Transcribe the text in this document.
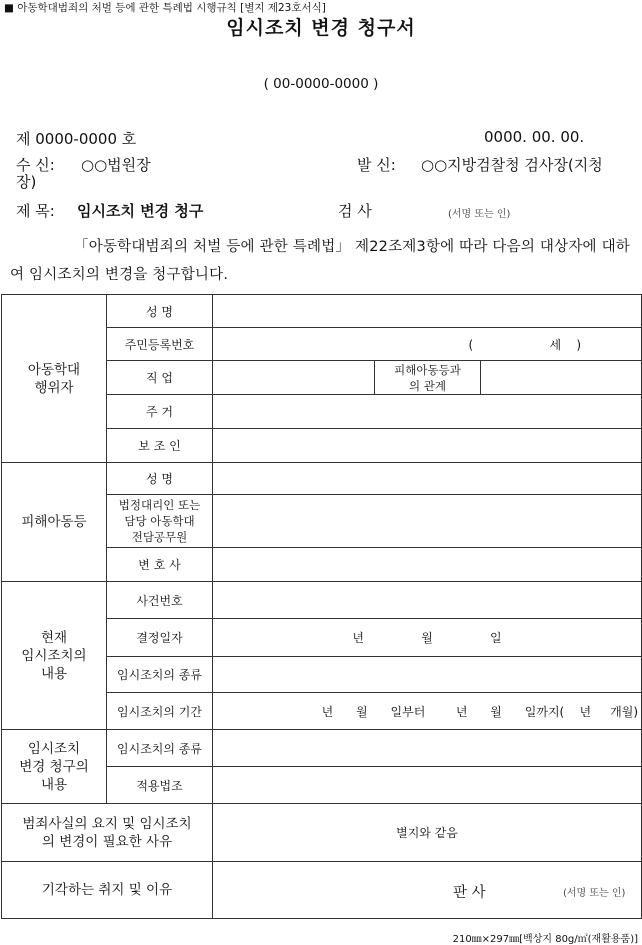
■ 아동학대범죄의 처벌 등에 관한 특례법 시행규칙 [별지 제23호서식]
임시조치 변경 청구서
( 00-0000-0000 )
제 0000-0000 호	0000. 00. 00.
수 신: ○○법원장	발 신: ○○지방검찰청 검사장(지청
장)
제 목: 임시조치 변경 청구	검 사	(서명 또는 인)
「아동학대범죄의 처벌 등에 관한 특례법」 제22조제3항에 따라 다음의 대상자에 대하여 임시조치의 변경을 청구합니다.
아동학대
행위자	성 명			
	주민등록번호	(                    세    )		
	직 업		피해아동등과
의 관계	
	주 거			
	보 조 인			
피해아동등	성 명			
	법정대리인 또는
담당 아동학대
전담공무원			
	변 호 사			
현재
임시조치의
내용	사건번호			
	결정일자	년               월               일		
	임시조치의 종류			
	임시조치의 기간	년      월      일부터        년      월      일까지(    년     개월)		
임시조치
변경 청구의
내용	임시조치의 종류			
	적용법조			
범죄사실의 요지 및 임시조치
의 변경이 필요한 사유		별지와 같음		
기각하는 취지 및 이유		판 사 (서명 또는 인)		
210㎜×297㎜[백상지 80g/㎡(재활용품)]
